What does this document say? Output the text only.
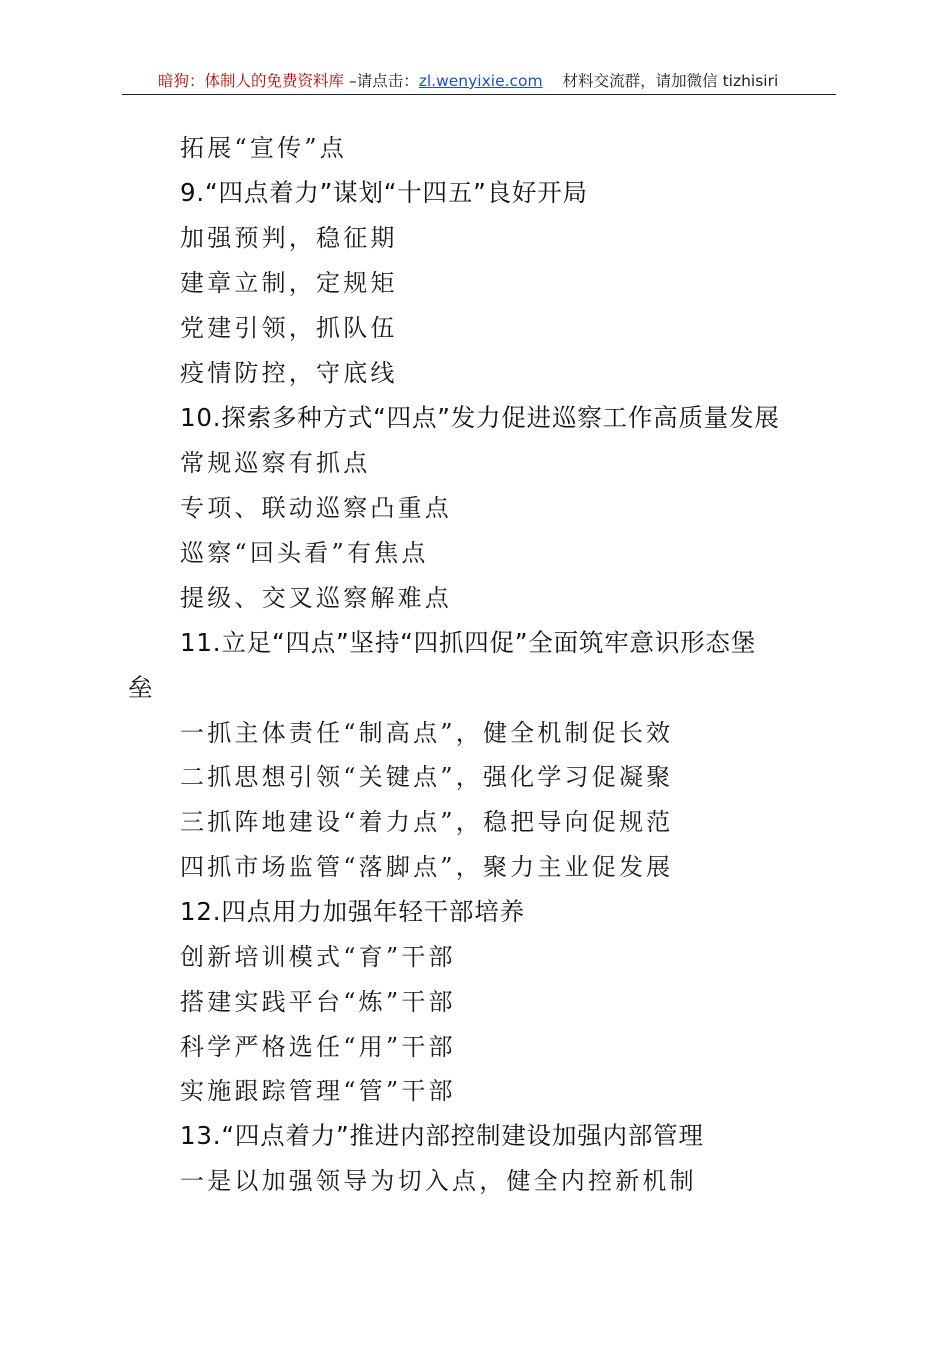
暗狗：体制人的免费资料库 –请点击：zl.wenyixie.com 材料交流群，请加微信 tizhisiri
拓展“宣传”点
9.“四点着力”谋划“十四五”良好开局
加强预判，稳征期
建章立制，定规矩
党建引领，抓队伍
疫情防控，守底线
10.探索多种方式“四点”发力促进巡察工作高质量发展
常规巡察有抓点
专项、联动巡察凸重点
巡察“回头看”有焦点
提级、交叉巡察解难点
11.立足“四点”坚持“四抓四促”全面筑牢意识形态堡
垒
一抓主体责任“制高点”，健全机制促长效
二抓思想引领“关键点”，强化学习促凝聚
三抓阵地建设“着力点”，稳把导向促规范
四抓市场监管“落脚点”，聚力主业促发展
12.四点用力加强年轻干部培养
创新培训模式“育”干部
搭建实践平台“炼”干部
科学严格选任“用”干部
实施跟踪管理“管”干部
13.“四点着力”推进内部控制建设加强内部管理
一是以加强领导为切入点，健全内控新机制
